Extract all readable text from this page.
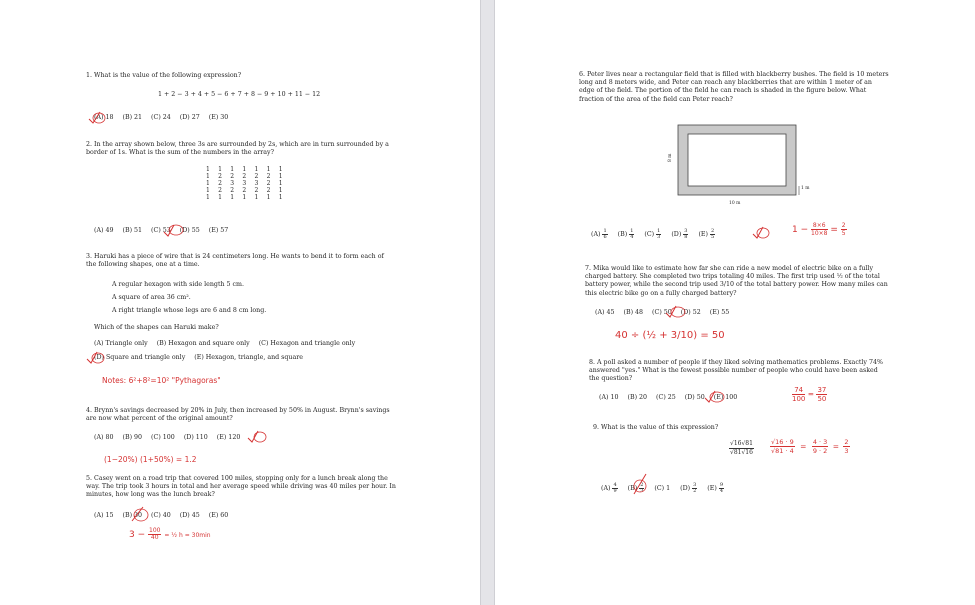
1. What is the value of the following expression?
1 + 2 − 3 + 4 + 5 − 6 + 7 + 8 − 9 + 10 + 11 − 12
(A) 18 (B) 21 (C) 24 (D) 27 (E) 30
2. In the array shown below, three 3s are surrounded by 2s, which are in turn surrounded by a border of 1s. What is the sum of the numbers in the array?
1 1 1 1 1 1 1
1 2 2 2 2 2 1
1 2 3 3 3 2 1
1 2 2 2 2 2 1
1 1 1 1 1 1 1
(A) 49 (B) 51 (C) 53 (D) 55 (E) 57
3. Haruki has a piece of wire that is 24 centimeters long. He wants to bend it to form each of the following shapes, one at a time.
A regular hexagon with side length 5 cm.
A square of area 36 cm².
A right triangle whose legs are 6 and 8 cm long.
Which of the shapes can Haruki make?
(A) Triangle only (B) Hexagon and square only (C) Hexagon and triangle only
(D) Square and triangle only (E) Hexagon, triangle, and square
Notes: 6²+8²=10² "Pythagoras"
4. Brynn's savings decreased by 20% in July, then increased by 50% in August. Brynn's savings are now what percent of the original amount?
(A) 80 (B) 90 (C) 100 (D) 110 (E) 120
(1−20%) (1+50%) = 1.2
5. Casey went on a road trip that covered 100 miles, stopping only for a lunch break along the way. The trip took 3 hours in total and her average speed while driving was 40 miles per hour. In minutes, how long was the lunch break?
(A) 15 (B) 30 (C) 40 (D) 45 (E) 60
$3 - \frac{100}{40}$ = ½ h = 30min
6. Peter lives near a rectangular field that is filled with blackberry bushes. The field is 10 meters long and 8 meters wide, and Peter can reach any blackberries that are within 1 meter of an edge of the field. The portion of the field he can reach is shaded in the figure below. What fraction of the area of the field can Peter reach?
8 m
1 m
10 m
$(A) \frac{1}{6} (B) \frac{1}{4} (C) \frac{1}{3} (D) \frac{3}{8} (E) \frac{2}{5}$	$1 - \frac{8\times 6}{10\times 8} = \frac{2}{5}$
7. Mika would like to estimate how far she can ride a new model of electric bike on a fully charged battery. She completed two trips totaling 40 miles. The first trip used ½ of the total battery power, while the second trip used 3/10 of the total battery power. How many miles can this electric bike go on a fully charged battery?
(A) 45 (B) 48 (C) 50 (D) 52 (E) 55
40 ÷ (½ + 3/10) = 50
8. A poll asked a number of people if they liked solving mathematics problems. Exactly 74% answered "yes." What is the fewest possible number of people who could have been asked the question?
(A) 10 (B) 20 (C) 25 (D) 50 (E) 100	$\frac{74}{100} = \frac{37}{50}$
9. What is the value of this expression?
$\frac{√16√81}{√81√16} \frac{√16 \cdot 9}{√81 \cdot 4} = \frac{4 \cdot 3}{9 \cdot 2} = \frac{2}{3}$
$(A) \frac{4}{9} (B) \frac{2}{3} (C)$ 1 $(D) \frac{3}{2} (E) \frac{9}{4}$
